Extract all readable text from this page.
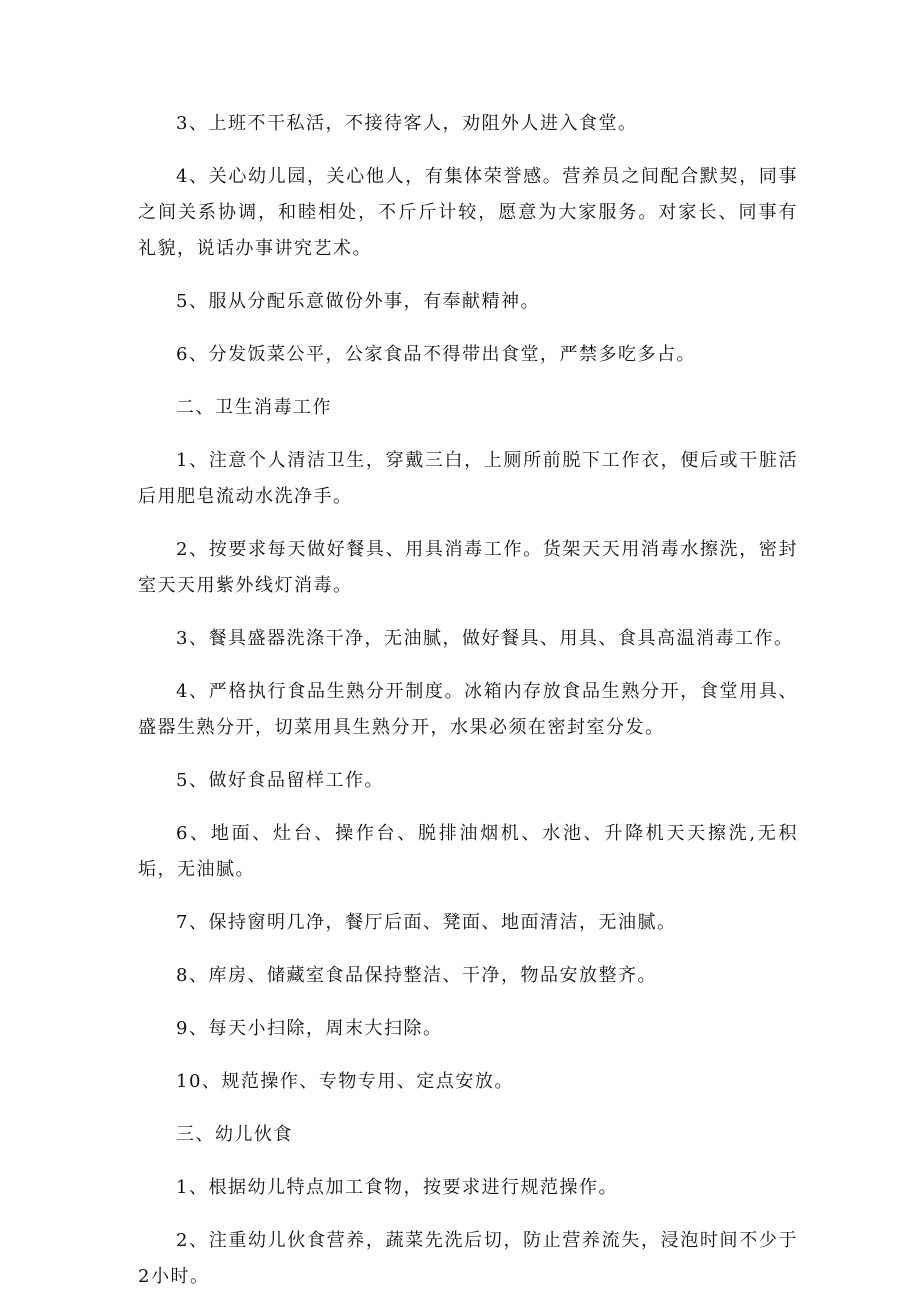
3、上班不干私活，不接待客人，劝阻外人进入食堂。

4、关心幼儿园，关心他人，有集体荣誉感。营养员之间配合默契，同事之间关系协调，和睦相处，不斤斤计较，愿意为大家服务。对家长、同事有礼貌，说话办事讲究艺术。

5、服从分配乐意做份外事，有奉献精神。

6、分发饭菜公平，公家食品不得带出食堂，严禁多吃多占。

二、卫生消毒工作

1、注意个人清洁卫生，穿戴三白，上厕所前脱下工作衣，便后或干脏活后用肥皂流动水洗净手。

2、按要求每天做好餐具、用具消毒工作。货架天天用消毒水擦洗，密封室天天用紫外线灯消毒。

3、餐具盛器洗涤干净，无油腻，做好餐具、用具、食具高温消毒工作。

4、严格执行食品生熟分开制度。冰箱内存放食品生熟分开，食堂用具、盛器生熟分开，切菜用具生熟分开，水果必须在密封室分发。

5、做好食品留样工作。

6、地面、灶台、操作台、脱排油烟机、水池、升降机天天擦洗,无积垢，无油腻。

7、保持窗明几净，餐厅后面、凳面、地面清洁，无油腻。

8、库房、储藏室食品保持整洁、干净，物品安放整齐。

9、每天小扫除，周末大扫除。

10、规范操作、专物专用、定点安放。

三、幼儿伙食

1、根据幼儿特点加工食物，按要求进行规范操作。

2、注重幼儿伙食营养，蔬菜先洗后切，防止营养流失，浸泡时间不少于2小时。
